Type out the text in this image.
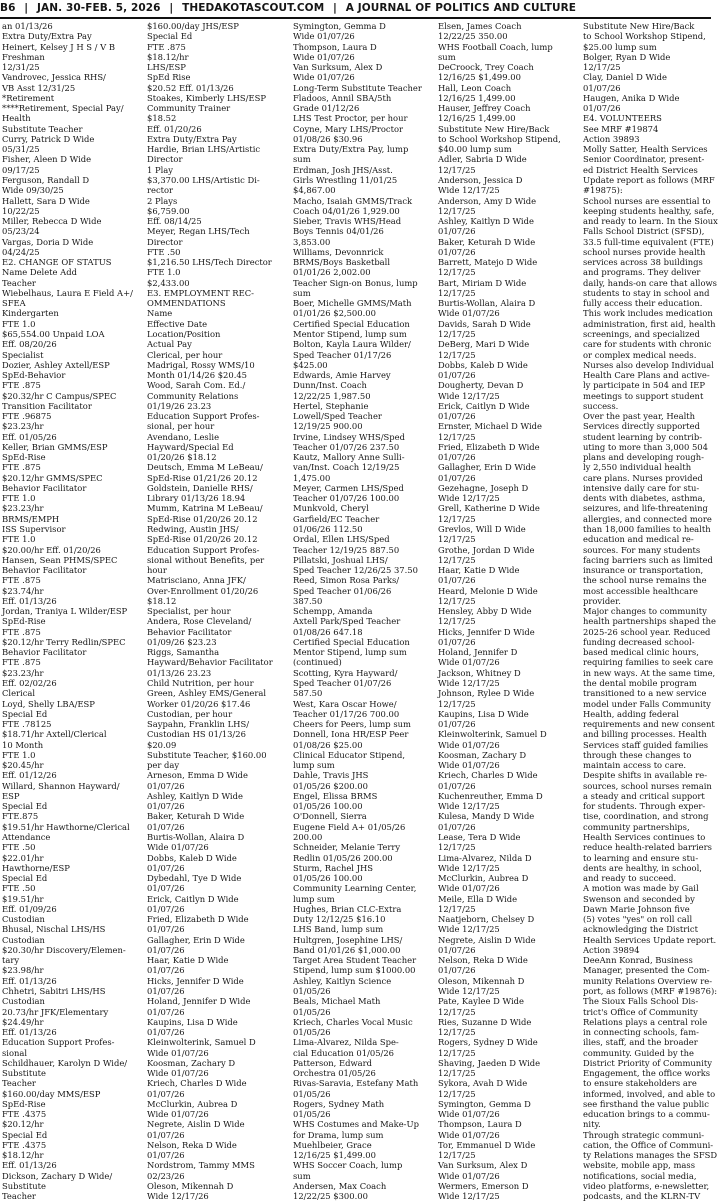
B6 | JAN. 30-FEB. 5, 2026 | THEDAKOTASCOUT.COM | A JOURNAL OF POLITICS AND CULTURE
an 01/13/26
Extra Duty/Extra Pay
Heinert, Kelsey J H S / V B
Freshman
12/31/25
Vandrovec, Jessica RHS/
VB Asst 12/31/25
*Retirement
****Retirement, Special Pay/
Health
Substitute Teacher
Curry, Patrick D Wide
05/31/25
Fisher, Aleen D Wide
09/17/25
Ferguson, Randall D
Wide 09/30/25
Hallett, Sara D Wide
10/22/25
Miller, Rebecca D Wide
05/23/24
Vargas, Doria D Wide
04/24/25
E2. CHANGE OF STATUS
Name Delete Add
Teacher
Wiebelhaus, Laura E Field A+/
SFEA
Kindergarten
FTE 1.0
$65,554.00 Unpaid LOA
Eff. 08/20/26
Specialist
Dozier, Ashley Axtell/ESP
SpEd-Behavior
FTE .875
$20.32/hr C Campus/SPEC
Transition Facilitator
FTE .96875
$23.23/hr
Eff. 01/05/26
Keller, Brian GMMS/ESP
SpEd-Rise
FTE .875
$20.12/hr GMMS/SPEC
Behavior Facilitator
FTE 1.0
$23.23/hr
BRMS/EMPH
ISS Supervisor
FTE 1.0
$20.00/hr Eff. 01/20/26
Hansen, Sean PHMS/SPEC
Behavior Facilitator
FTE .875
$23.74/hr
Eff. 01/13/26
Jordan, Traniya L Wilder/ESP
SpEd-Rise
FTE .875
$20.12/hr Terry Redlin/SPEC
Behavior Facilitator
FTE .875
$23.23/hr
Eff. 02/02/26
Clerical
Loyd, Shelly LBA/ESP
Special Ed
FTE .78125
$18.71/hr Axtell/Clerical
10 Month
FTE 1.0
$20.45/hr
Eff. 01/12/26
Willard, Shannon Hayward/
ESP
Special Ed
FTE.875
$19.51/hr Hawthorne/Clerical
Attendance
FTE .50
$22.01/hr
Hawthorne/ESP
Special Ed
FTE .50
$19.51/hr
Eff. 01/09/26
Custodian
Bhusal, Nischal LHS/HS
Custodian
$20.30/hr Discovery/Elemen-
tary
$23.98/hr
Eff. 01/13/26
Chhetri, Sabitri LHS/HS
Custodian
20.73/hr JFK/Elementary
$24.49/hr
Eff. 01/13/26
Education Support Profes-
sional
Schildhauer, Karolyn D Wide/
Substitute
Teacher
$160.00/day MMS/ESP
SpEd-Rise
FTE .4375
$20.12/hr
Special Ed
FTE .4375
$18.12/hr
Eff. 01/13/26
Dickson, Zachary D Wide/
Substitute
Teacher
$160.00/day JHS/ESP
Special Ed
FTE .875
$18.12/hr
LHS/ESP
SpEd Rise
$20.52 Eff. 01/13/26
Stoakes, Kimberly LHS/ESP
Community Trainer
$18.52
Eff. 01/20/26
Extra Duty/Extra Pay
Hardie, Brian LHS/Artistic
Director
1 Play
$3,370.00 LHS/Artistic Di-
rector
2 Plays
$6,759.00
Eff. 08/14/25
Meyer, Regan LHS/Tech
Director
FTE .50
$1,216.50 LHS/Tech Director
FTE 1.0
$2,433.00
E3. EMPLOYMENT REC-
OMMENDATIONS
Name
Effective Date
Location/Position
Actual Pay
Clerical, per hour
Madrigal, Rossy WMS/10
Month 01/14/26 $20.45
Wood, Sarah Com. Ed./
Community Relations
01/19/26 23.23
Education Support Profes-
sional, per hour
Avendano, Leslie
Hayward/Special Ed
01/20/26 $18.12
Deutsch, Emma M LeBeau/
SpEd-Rise 01/21/26 20.12
Goldstein, Danielle RHS/
Library 01/13/26 18.94
Mumm, Katrina M LeBeau/
SpEd-Rise 01/20/26 20.12
Redwing, Austin JHS/
SpEd-Rise 01/20/26 20.12
Education Support Profes-
sional without Benefits, per
hour
Matrisciano, Anna JFK/
Over-Enrollment 01/20/26
$18.12
Specialist, per hour
Andera, Rose Cleveland/
Behavior Facilitator
01/09/26 $23.23
Riggs, Samantha
Hayward/Behavior Facilitator
01/13/26 23.23
Child Nutrition, per hour
Green, Ashley EMS/General
Worker 01/20/26 $17.46
Custodian, per hour
Saypahn, Franklin LHS/
Custodian HS 01/13/26
$20.09
Substitute Teacher, $160.00
per day
Arneson, Emma D Wide
01/07/26
Ashley, Kaitlyn D Wide
01/07/26
Baker, Keturah D Wide
01/07/26
Burtis-Wollan, Alaira D
Wide 01/07/26
Dobbs, Kaleb D Wide
01/07/26
Dybedahl, Tye D Wide
01/07/26
Erick, Caitlyn D Wide
01/07/26
Fried, Elizabeth D Wide
01/07/26
Gallagher, Erin D Wide
01/07/26
Haar, Katie D Wide
01/07/26
Hicks, Jennifer D Wide
01/07/26
Holand, Jennifer D Wide
01/07/26
Kaupins, Lisa D Wide
01/07/26
Kleinwolterink, Samuel D
Wide 01/07/26
Koosman, Zachary D
Wide 01/07/26
Kriech, Charles D Wide
01/07/26
McClurkin, Aubrea D
Wide 01/07/26
Negrete, Aislin D Wide
01/07/26
Nelson, Reka D Wide
01/07/26
Nordstrom, Tammy MMS
02/23/26
Oleson, Mikennah D
Wide 12/17/26
Symington, Gemma D
Wide 01/07/26
Thompson, Laura D
Wide 01/07/26
Van Surksum, Alex D
Wide 01/07/26
Long-Term Substitute Teacher
Fladoos, Annil SBA/5th
Grade 01/12/26
LHS Test Proctor, per hour
Coyne, Mary LHS/Proctor
01/08/26 $30.96
Extra Duty/Extra Pay, lump
sum
Erdman, Josh JHS/Asst.
Girls Wrestling 11/01/25
$4,867.00
Macho, Isaiah GMMS/Track
Coach 04/01/26 1,929.00
Sieber, Travis WHS/Head
Boys Tennis 04/01/26
3,853.00
Williams, Devonnrick
BRMS/Boys Basketball
01/01/26 2,002.00
Teacher Sign-on Bonus, lump
sum
Boer, Michelle GMMS/Math
01/01/26 $2,500.00
Certified Special Education
Mentor Stipend, lump sum
Bolton, Kayla Laura Wilder/
Sped Teacher 01/17/26
$425.00
Edwards, Amie Harvey
Dunn/Inst. Coach
12/22/25 1,987.50
Hertel, Stephanie
Lowell/Sped Teacher
12/19/25 900.00
Irvine, Lindsey WHS/Sped
Teacher 01/07/26 237.50
Kautz, Mallory Anne Sulli-
van/Inst. Coach 12/19/25
1,475.00
Meyer, Carmen LHS/Sped
Teacher 01/07/26 100.00
Munkvold, Cheryl
Garfield/EC Teacher
01/06/26 112.50
Ordal, Ellen LHS/Sped
Teacher 12/19/25 887.50
Pillatski, Joshual LHS/
Sped Teacher 12/26/25 37.50
Reed, Simon Rosa Parks/
Sped Teacher 01/06/26
387.50
Schempp, Amanda
Axtell Park/Sped Teacher
01/08/26 647.18
Certified Special Education
Mentor Stipend, lump sum
(continued)
Scotting, Kyra Hayward/
Sped Teacher 01/07/26
587.50
West, Kara Oscar Howe/
Teacher 01/17/26 700.00
Cheers for Peers, lump sum
Donnell, Iona HR/ESP Peer
01/08/26 $25.00
Clinical Educator Stipend,
lump sum
Dahle, Travis JHS
01/05/26 $200.00
Engel, Elissa BRMS
01/05/26 100.00
O'Donnell, Sierra
Eugene Field A+ 01/05/26
200.00
Schneider, Melanie Terry
Redlin 01/05/26 200.00
Sturm, Rachel JHS
01/05/26 100.00
Community Learning Center,
lump sum
Hughes, Brian CLC-Extra
Duty 12/12/25 $16.10
LHS Band, lump sum
Hultgren, Josephine LHS/
Band 01/01/26 $1,000.00
Target Area Student Teacher
Stipend, lump sum $1000.00
Ashley, Kaitlyn Science
01/05/26
Beals, Michael Math
01/05/26
Kriech, Charles Vocal Music
01/05/26
Lima-Alvarez, Nilda Spe-
cial Education 01/05/26
Patterson, Edward
Orchestra 01/05/26
Rivas-Saravia, Estefany Math
01/05/26
Rogers, Sydney Math
01/05/26
WHS Costumes and Make-Up
for Drama, lump sum
Muehlbeier, Grace
12/16/25 $1,499.00
WHS Soccer Coach, lump
sum
Andersen, Max Coach
12/22/25 $300.00
Elsen, James Coach
12/22/25 350.00
WHS Football Coach, lump
sum
DeCroock, Trey Coach
12/16/25 $1,499.00
Hall, Leon Coach
12/16/25 1,499.00
Hauser, Jeffrey Coach
12/16/25 1,499.00
Substitute New Hire/Back
to School Workshop Stipend,
$40.00 lump sum
Adler, Sabria D Wide
12/17/25
Anderson, Jessica D
Wide 12/17/25
Anderson, Amy D Wide
12/17/25
Ashley, Kaitlyn D Wide
01/07/26
Baker, Keturah D Wide
01/07/26
Barrett, Matejo D Wide
12/17/25
Bart, Miriam D Wide
12/17/25
Burtis-Wollan, Alaira D
Wide 01/07/26
Davids, Sarah D Wide
12/17/25
DeBerg, Mari D Wide
12/17/25
Dobbs, Kaleb D Wide
01/07/26
Dougherty, Devan D
Wide 12/17/25
Erick, Caitlyn D Wide
01/07/26
Ernster, Michael D Wide
12/17/25
Fried, Elizabeth D Wide
01/07/26
Gallagher, Erin D Wide
01/07/26
Gezehagne, Joseph D
Wide 12/17/25
Grell, Katherine D Wide
12/17/25
Grevlos, Will D Wide
12/17/25
Grothe, Jordan D Wide
12/17/25
Haar, Katie D Wide
01/07/26
Heard, Melonie D Wide
12/17/25
Hensley, Abby D Wide
12/17/25
Hicks, Jennifer D Wide
01/07/26
Holand, Jennifer D
Wide 01/07/26
Jackson, Whitney D
Wide 12/17/25
Johnson, Rylee D Wide
12/17/25
Kaupins, Lisa D Wide
01/07/26
Kleinwolterink, Samuel D
Wide 01/07/26
Koosman, Zachary D
Wide 01/07/26
Kriech, Charles D Wide
01/07/26
Kuchenreuther, Emma D
Wide 12/17/25
Kulesa, Mandy D Wide
01/07/26
Lease, Tera D Wide
12/17/25
Lima-Alvarez, Nilda D
Wide 12/17/25
McClurkin, Aubrea D
Wide 01/07/26
Meile, Ella D Wide
12/17/25
Naatjeborn, Chelsey D
Wide 12/17/25
Negrete, Aislin D Wide
01/07/26
Nelson, Reka D Wide
01/07/26
Oleson, Mikennah D
Wide 12/17/25
Pate, Kaylee D Wide
12/17/25
Ries, Suzanne D Wide
12/17/25
Rogers, Sydney D Wide
12/17/25
Shaving, Jaeden D Wide
12/17/25
Sykora, Avah D Wide
12/17/25
Symington, Gemma D
Wide 01/07/26
Thompson, Laura D
Wide 01/07/26
Tor, Emmanuel D Wide
12/17/25
Van Surksum, Alex D
Wide 01/07/26
Wermers, Emerson D
Wide 12/17/25
Substitute New Hire/Back
to School Workshop Stipend,
$25.00 lump sum
Bolger, Ryan D Wide
12/17/25
Clay, Daniel D Wide
01/07/26
Haugen, Anika D Wide
01/07/26
E4. VOLUNTEERS
See MRF #19874
Action 39893
Molly Satter, Health Services
Senior Coordinator, present-
ed District Health Services
Update report as follows (MRF
#19875):
School nurses are essential to
keeping students healthy, safe,
and ready to learn. In the Sioux
Falls School District (SFSD),
33.5 full-time equivalent (FTE)
school nurses provide health
services across 38 buildings
and programs. They deliver
daily, hands-on care that allows
students to stay in school and
fully access their education.
This work includes medication
administration, first aid, health
screenings, and specialized
care for students with chronic
or complex medical needs.
Nurses also develop Individual
Health Care Plans and active-
ly participate in 504 and IEP
meetings to support student
success.
Over the past year, Health
Services directly supported
student learning by contrib-
uting to more than 3,000 504
plans and developing rough-
ly 2,550 individual health
care plans. Nurses provided
intensive daily care for stu-
dents with diabetes, asthma,
seizures, and life-threatening
allergies, and connected more
than 18,000 families to health
education and medical re-
sources. For many students
facing barriers such as limited
insurance or transportation,
the school nurse remains the
most accessible healthcare
provider.
Major changes to community
health partnerships shaped the
2025-26 school year. Reduced
funding decreased school-
based medical clinic hours,
requiring families to seek care
in new ways. At the same time,
the dental mobile program
transitioned to a new service
model under Falls Community
Health, adding federal
requirements and new consent
and billing processes. Health
Services staff guided families
through these changes to
maintain access to care.
Despite shifts in available re-
sources, school nurses remain
a steady and critical support
for students. Through exper-
tise, coordination, and strong
community partnerships,
Health Services continues to
reduce health-related barriers
to learning and ensure stu-
dents are healthy, in school,
and ready to succeed.
A motion was made by Gail
Swenson and seconded by
Dawn Marie Johnson five
(5) votes "yes" on roll call
acknowledging the District
Health Services Update report.
Action 39894
DeeAnn Konrad, Business
Manager, presented the Com-
munity Relations Overview re-
port, as follows (MRF #19876):
The Sioux Falls School Dis-
trict's Office of Community
Relations plays a central role
in connecting schools, fam-
ilies, staff, and the broader
community. Guided by the
District Priority of Community
Engagement, the office works
to ensure stakeholders are
informed, involved, and able to
see firsthand the value public
education brings to a commu-
nity.
Through strategic communi-
cation, the Office of Communi-
ty Relations manages the SFSD
website, mobile app, mass
notifications, social media,
video platforms, e-newsletter,
podcasts, and the KLRN-TV
